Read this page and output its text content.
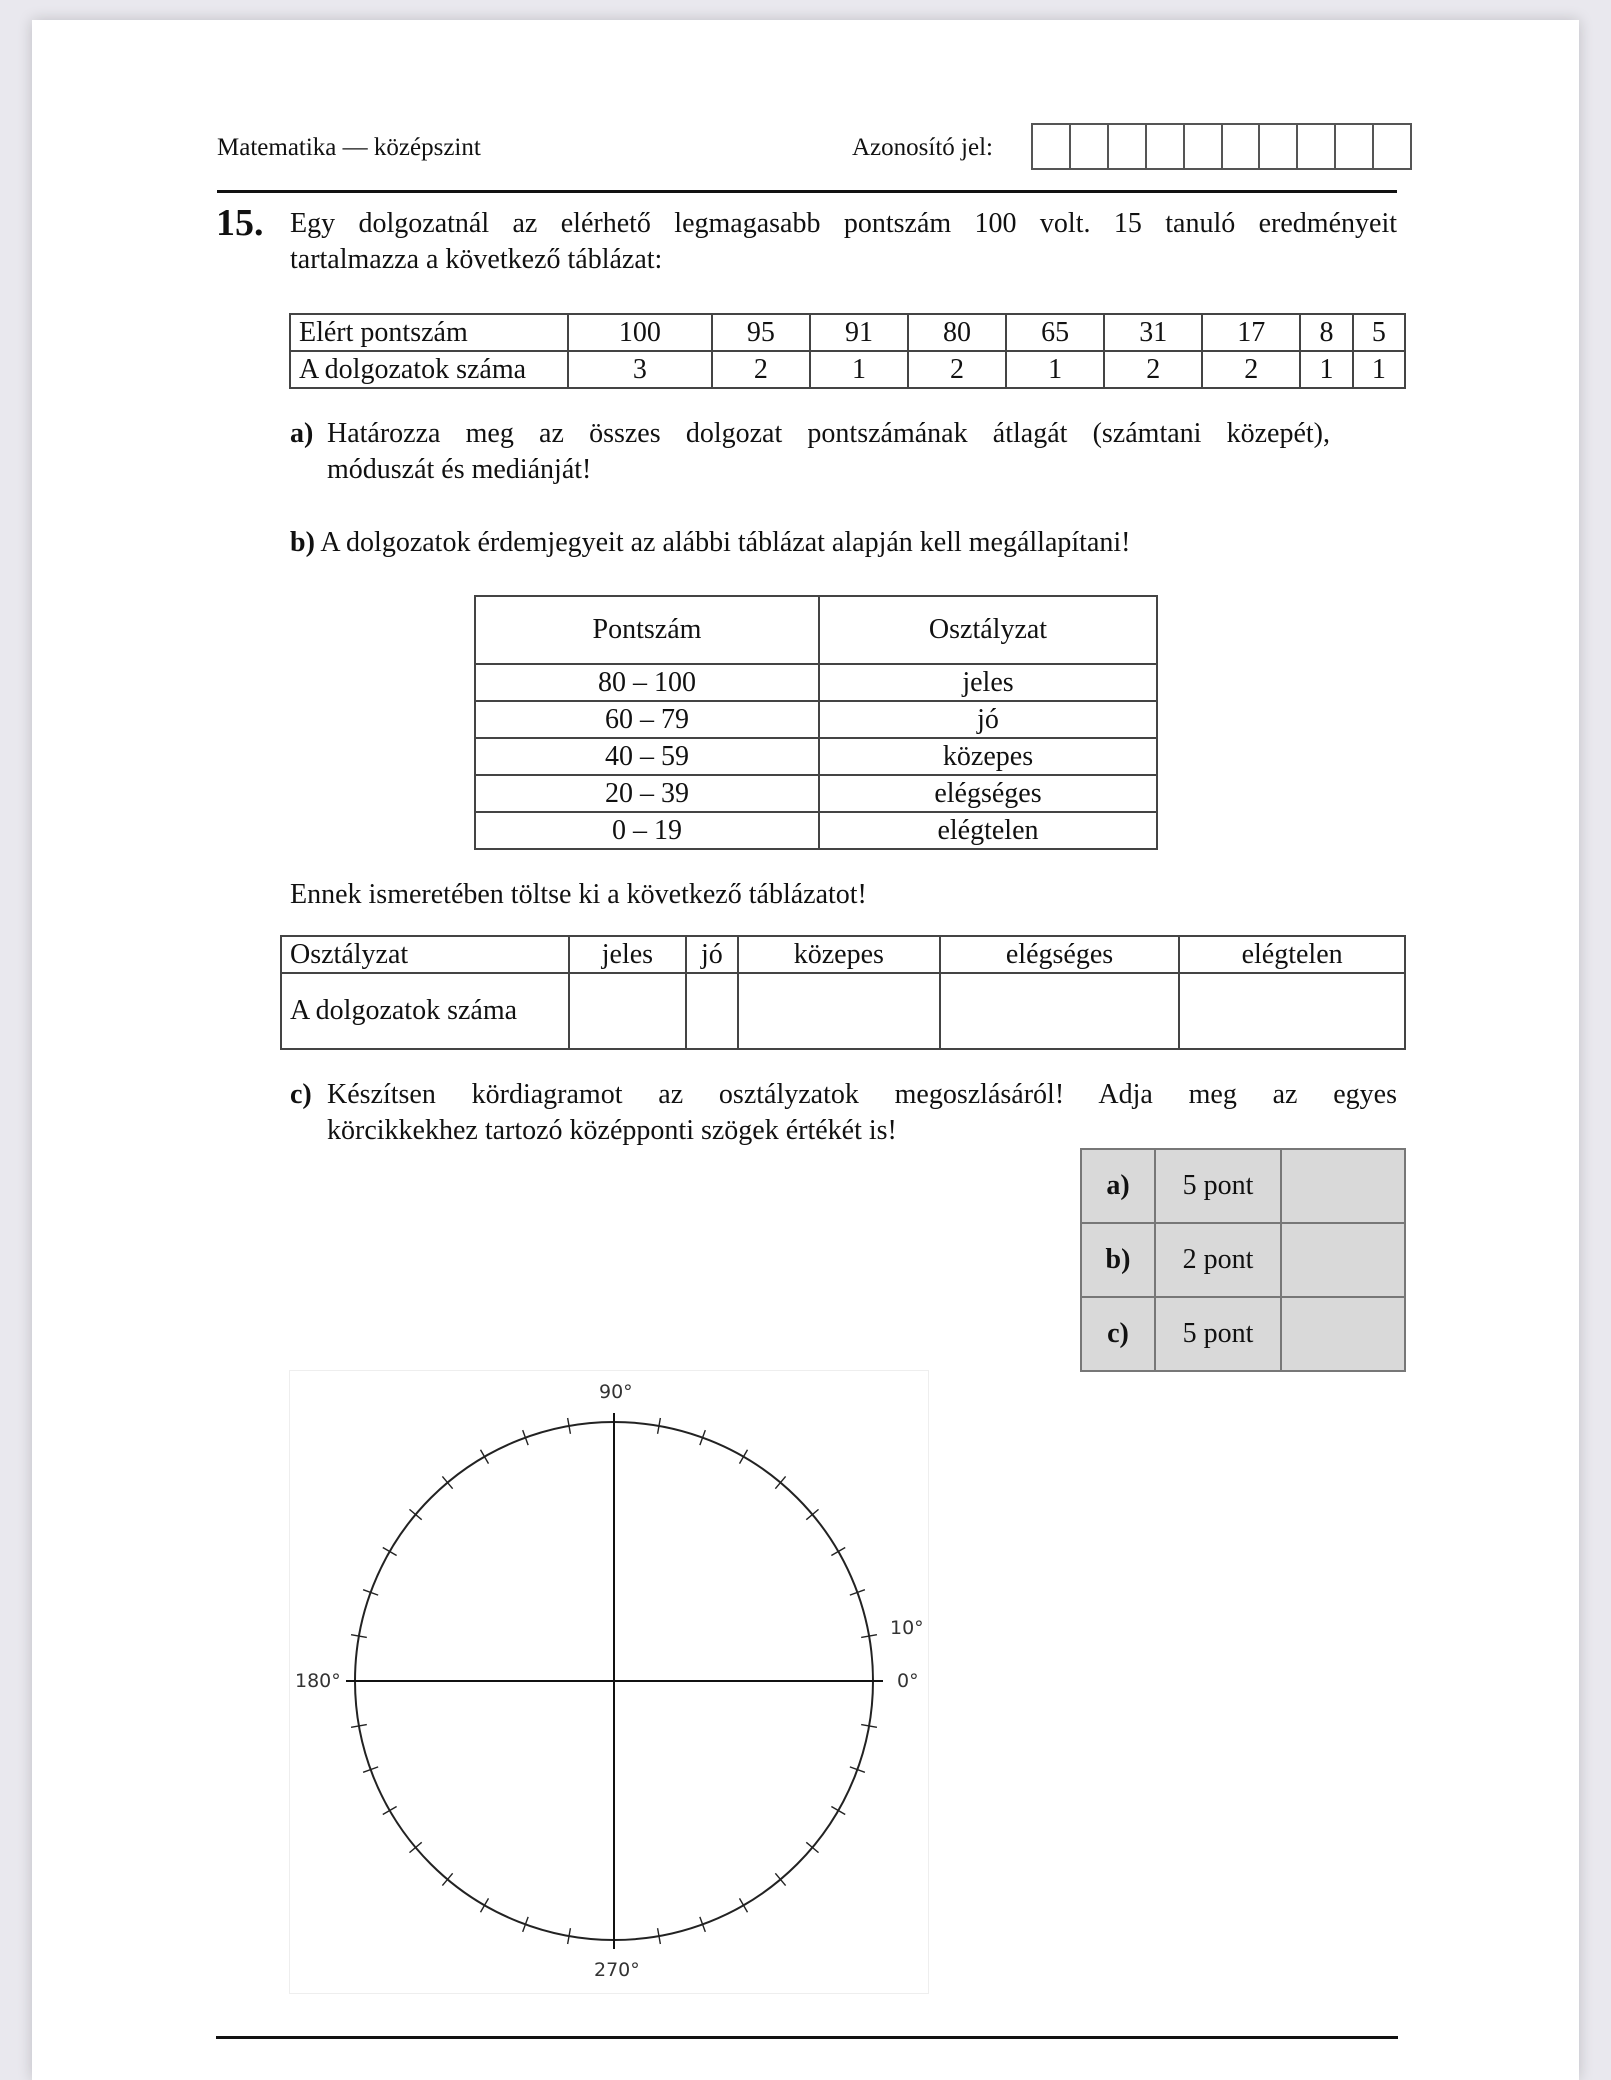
Matematika — középszint	Azonosító jel:
15. Egy dolgozatnál az elérhető legmagasabb pontszám 100 volt. 15 tanuló eredményeit
tartalmazza a következő táblázat:
Elért pontszám	100	95	91	80	65	31	17	8	5
A dolgozatok száma	3	2	1	2	1	2	2	1	1
a) Határozza meg az összes dolgozat pontszámának átlagát (számtani közepét),
móduszát és mediánját!
b) A dolgozatok érdemjegyeit az alábbi táblázat alapján kell megállapítani!
Pontszám	Osztályzat
80 – 100	jeles
60 – 79	jó
40 – 59	közepes
20 – 39	elégséges
0 – 19	elégtelen
Ennek ismeretében töltse ki a következő táblázatot!
Osztályzat	jeles	jó	közepes	elégséges	elégtelen
A dolgozatok száma					
c) Készítsen kördiagramot az osztályzatok megoszlásáról! Adja meg az egyes
körcikkekhez tartozó középponti szögek értékét is!
a)	5 pont	
b)	2 pont	
c)	5 pont	
90°
180°
10°
0°
270°
